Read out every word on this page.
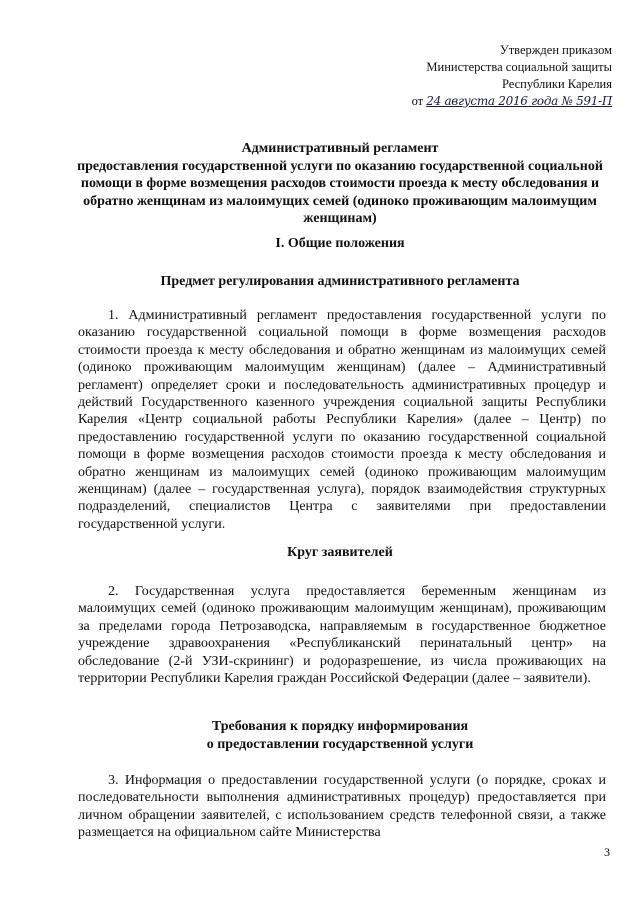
Утвержден приказом
Министерства социальной защиты
Республики Карелия
от 24 августа 2016 года № 591-П
Административный регламент
предоставления государственной услуги по оказанию государственной социальной помощи в форме возмещения расходов стоимости проезда к месту обследования и обратно женщинам из малоимущих семей (одиноко проживающим малоимущим женщинам)
I. Общие положения
Предмет регулирования административного регламента

1. Административный регламент предоставления государственной услуги по оказанию государственной социальной помощи в форме возмещения расходов стоимости проезда к месту обследования и обратно женщинам из малоимущих семей (одиноко проживающим малоимущим женщинам) (далее – Административный регламент) определяет сроки и последовательность административных процедур и действий Государственного казенного учреждения социальной защиты Республики Карелия «Центр социальной работы Республики Карелия» (далее – Центр) по предоставлению государственной услуги по оказанию государственной социальной помощи в форме возмещения расходов стоимости проезда к месту обследования и обратно женщинам из малоимущих семей (одиноко проживающим малоимущим женщинам) (далее – государственная услуга), порядок взаимодействия структурных подразделений, специалистов Центра с заявителями при предоставлении государственной услуги.

Круг заявителей

2. Государственная услуга предоставляется беременным женщинам из малоимущих семей (одиноко проживающим малоимущим женщинам), проживающим за пределами города Петрозаводска, направляемым в государственное бюджетное учреждение здравоохранения «Республиканский перинатальный центр» на обследование (2-й УЗИ-скрининг) и родоразрешение, из числа проживающих на территории Республики Карелия граждан Российской Федерации (далее – заявители).

Требования к порядку информирования
о предоставлении государственной услуги

3. Информация о предоставлении государственной услуги (о порядке, сроках и последовательности выполнения административных процедур) предоставляется при личном обращении заявителей, с использованием средств телефонной связи, а также размещается на официальном сайте Министерства

3
